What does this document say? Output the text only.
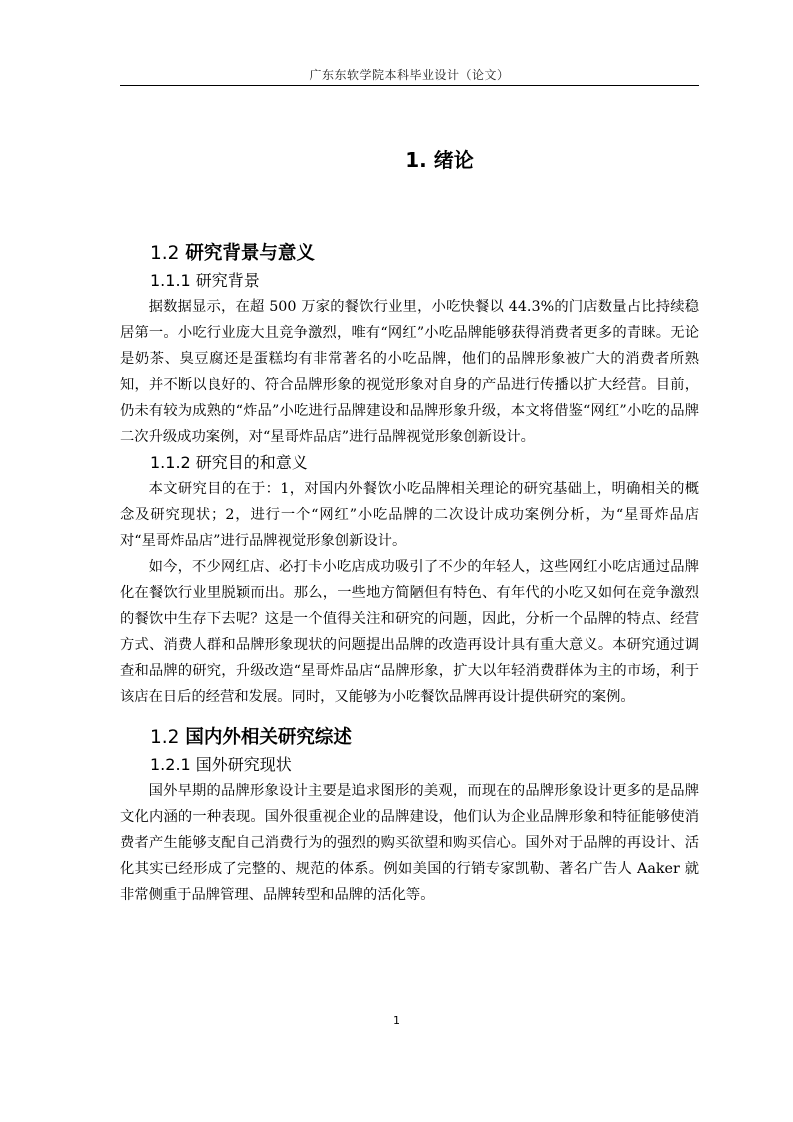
广东东软学院本科毕业设计（论文）
1. 绪论
1.2 研究背景与意义
1.1.1 研究背景

据数据显示，在超 500 万家的餐饮行业里，小吃快餐以 44.3%的门店数量占比持续稳居第一。小吃行业庞大且竞争激烈，唯有“网红”小吃品牌能够获得消费者更多的青睐。无论是奶茶、臭豆腐还是蛋糕均有非常著名的小吃品牌，他们的品牌形象被广大的消费者所熟知，并不断以良好的、符合品牌形象的视觉形象对自身的产品进行传播以扩大经营。目前，仍未有较为成熟的“炸品”小吃进行品牌建设和品牌形象升级，本文将借鉴“网红”小吃的品牌二次升级成功案例，对“星哥炸品店”进行品牌视觉形象创新设计。

1.1.2 研究目的和意义

本文研究目的在于：1，对国内外餐饮小吃品牌相关理论的研究基础上，明确相关的概念及研究现状；2，进行一个“网红”小吃品牌的二次设计成功案例分析，为“星哥炸品店对“星哥炸品店”进行品牌视觉形象创新设计。

如今，不少网红店、必打卡小吃店成功吸引了不少的年轻人，这些网红小吃店通过品牌化在餐饮行业里脱颖而出。那么，一些地方简陋但有特色、有年代的小吃又如何在竞争激烈的餐饮中生存下去呢？这是一个值得关注和研究的问题，因此，分析一个品牌的特点、经营方式、消费人群和品牌形象现状的问题提出品牌的改造再设计具有重大意义。本研究通过调查和品牌的研究，升级改造“星哥炸品店“品牌形象，扩大以年轻消费群体为主的市场，利于该店在日后的经营和发展。同时，又能够为小吃餐饮品牌再设计提供研究的案例。

1.2 国内外相关研究综述
1.2.1 国外研究现状

国外早期的品牌形象设计主要是追求图形的美观，而现在的品牌形象设计更多的是品牌文化内涵的一种表现。国外很重视企业的品牌建设，他们认为企业品牌形象和特征能够使消费者产生能够支配自己消费行为的强烈的购买欲望和购买信心。国外对于品牌的再设计、活化其实已经形成了完整的、规范的体系。例如美国的行销专家凯勒、著名广告人 Aaker 就非常侧重于品牌管理、品牌转型和品牌的活化等。

1
